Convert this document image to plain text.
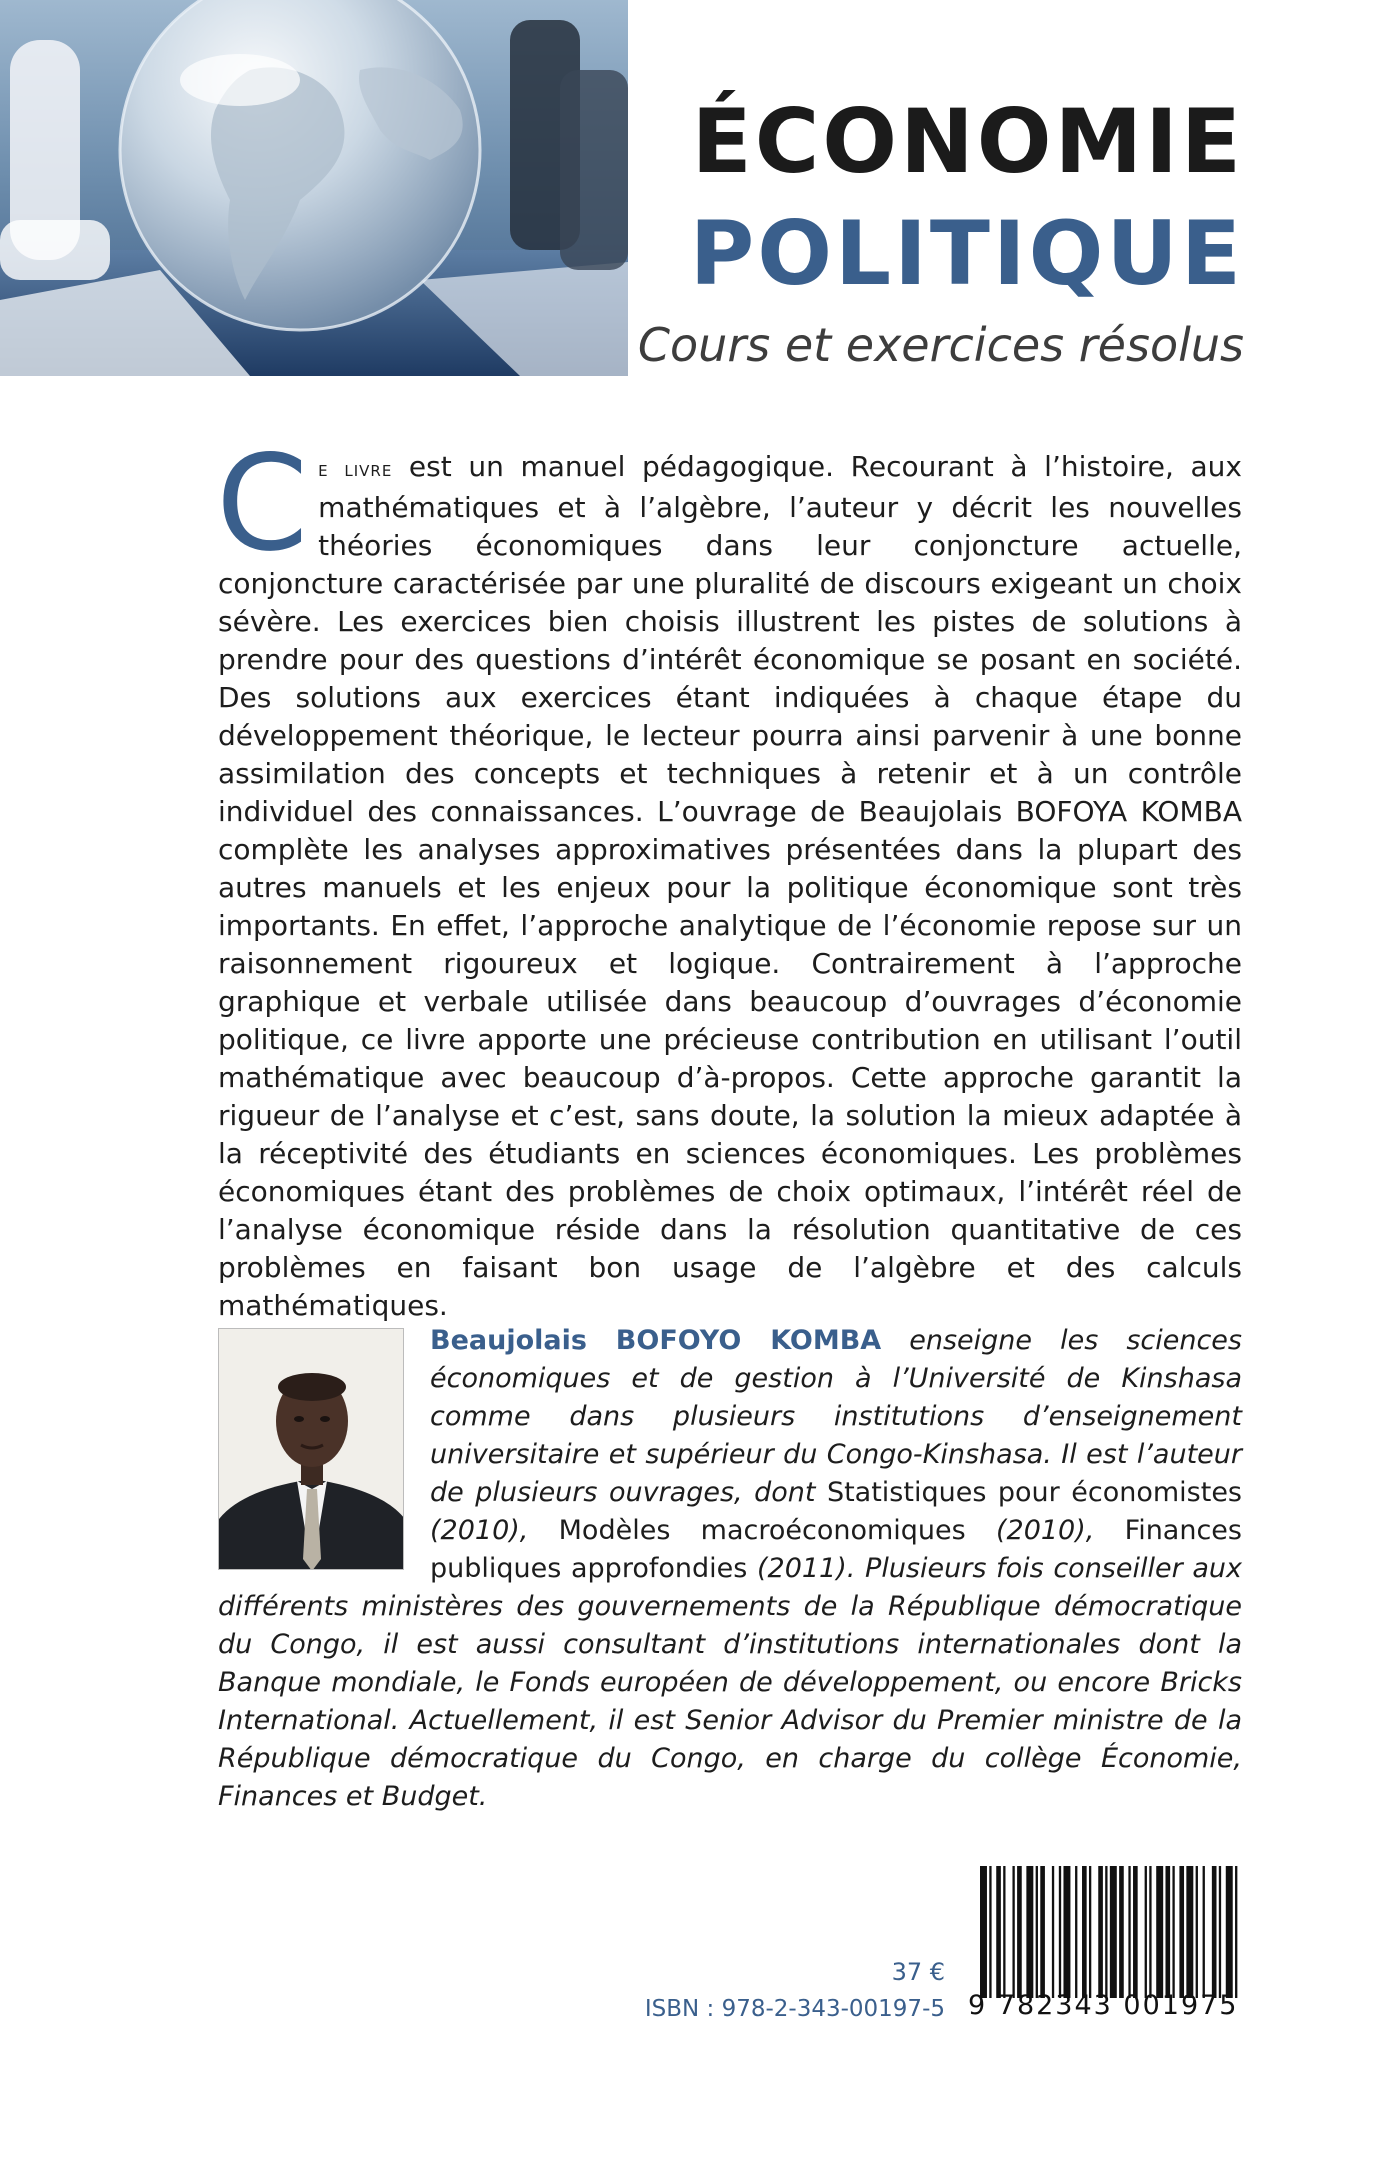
ÉCONOMIE
POLITIQUE
Cours et exercices résolus
Ce livre est un manuel pédagogique. Recourant à l’histoire, aux mathématiques et à l’algèbre, l’auteur y décrit les nouvelles théories économiques dans leur conjoncture actuelle, conjoncture caractérisée par une pluralité de discours exigeant un choix sévère. Les exercices bien choisis illustrent les pistes de solutions à prendre pour des questions d’intérêt économique se posant en société. Des solutions aux exercices étant indiquées à chaque étape du développement théorique, le lecteur pourra ainsi parvenir à une bonne assimilation des concepts et techniques à retenir et à un contrôle individuel des connaissances. L’ouvrage de Beaujolais BOFOYA KOMBA complète les analyses approximatives présentées dans la plupart des autres manuels et les enjeux pour la politique économique sont très importants. En effet, l’approche analytique de l’économie repose sur un raisonnement rigoureux et logique. Contrairement à l’approche graphique et verbale utilisée dans beaucoup d’ouvrages d’économie politique, ce livre apporte une précieuse contribution en utilisant l’outil mathématique avec beaucoup d’à-propos. Cette approche garantit la rigueur de l’analyse et c’est, sans doute, la solution la mieux adaptée à la réceptivité des étudiants en sciences économiques. Les problèmes économiques étant des problèmes de choix optimaux, l’intérêt réel de l’analyse économique réside dans la résolution quantitative de ces problèmes en faisant bon usage de l’algèbre et des calculs mathématiques.
Beaujolais BOFOYO KOMBA enseigne les sciences économiques et de gestion à l’Université de Kinshasa comme dans plusieurs institutions d’enseignement universitaire et supérieur du Congo-Kinshasa. Il est l’auteur de plusieurs ouvrages, dont Statistiques pour économistes (2010), Modèles macroéconomiques (2010), Finances publiques approfondies (2011). Plusieurs fois conseiller aux différents ministères des gouvernements de la République démocratique du Congo, il est aussi consultant d’institutions internationales dont la Banque mondiale, le Fonds européen de développement, ou encore Bricks International. Actuellement, il est Senior Advisor du Premier ministre de la République démocratique du Congo, en charge du collège Économie, Finances et Budget.
37 €
ISBN : 978-2-343-00197-5 9 782343 001975
